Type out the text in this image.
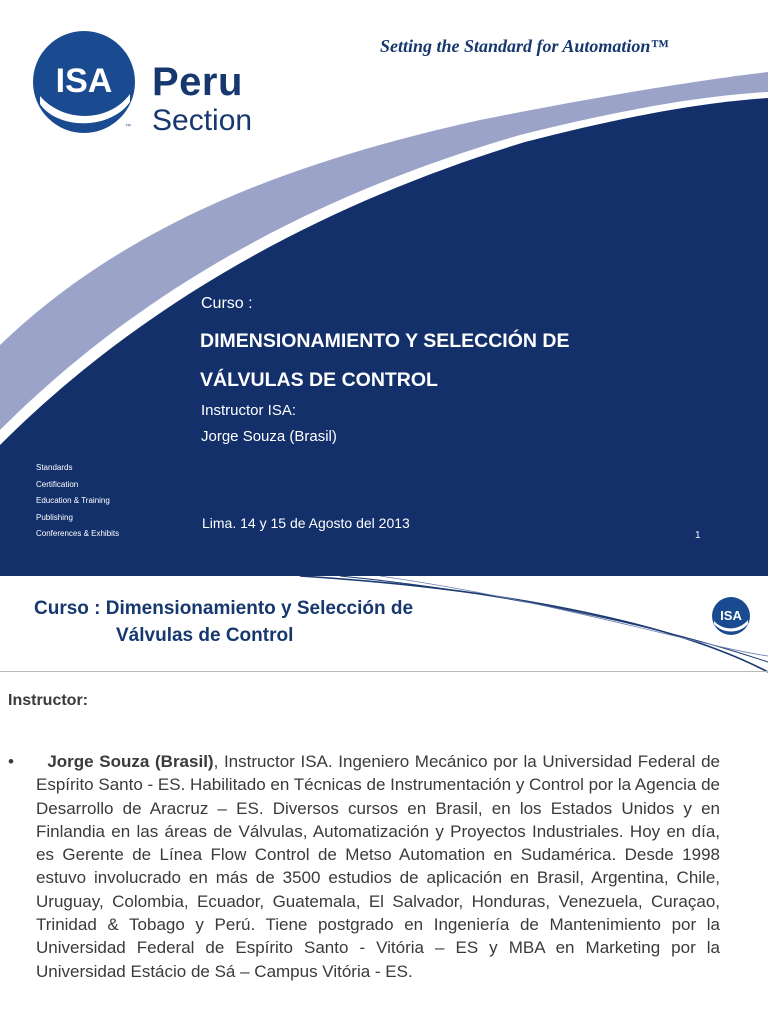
ISA
™
Peru
Section
Setting the Standard for Automation™
Curso :
DIMENSIONAMIENTO Y SELECCIÓN DE
VÁLVULAS DE CONTROL
Instructor ISA:
Jorge Souza (Brasil)
Standards
Certification
Education & Training
Publishing
Conferences & Exhibits
Lima. 14 y 15 de Agosto del 2013
1
Curso : Dimensionamiento y Selección de
Válvulas de Control
ISA
Instructor:
•	Jorge Souza (Brasil), Instructor ISA. Ingeniero Mecánico por la Universidad Federal de Espírito Santo - ES. Habilitado en Técnicas de Instrumentación y Control por la Agencia de Desarrollo de Aracruz – ES. Diversos cursos en Brasil, en los Estados Unidos y en Finlandia en las áreas de Válvulas, Automatización y Proyectos Industriales. Hoy en día, es Gerente de Línea Flow Control de Metso Automation en Sudamérica. Desde 1998 estuvo involucrado en más de 3500 estudios de aplicación en Brasil, Argentina, Chile, Uruguay, Colombia, Ecuador, Guatemala, El Salvador, Honduras, Venezuela, Curaçao, Trinidad & Tobago y Perú. Tiene postgrado en Ingeniería de Mantenimiento por la Universidad Federal de Espírito Santo - Vitória – ES y MBA en Marketing por la Universidad Estácio de Sá – Campus Vitória - ES.
